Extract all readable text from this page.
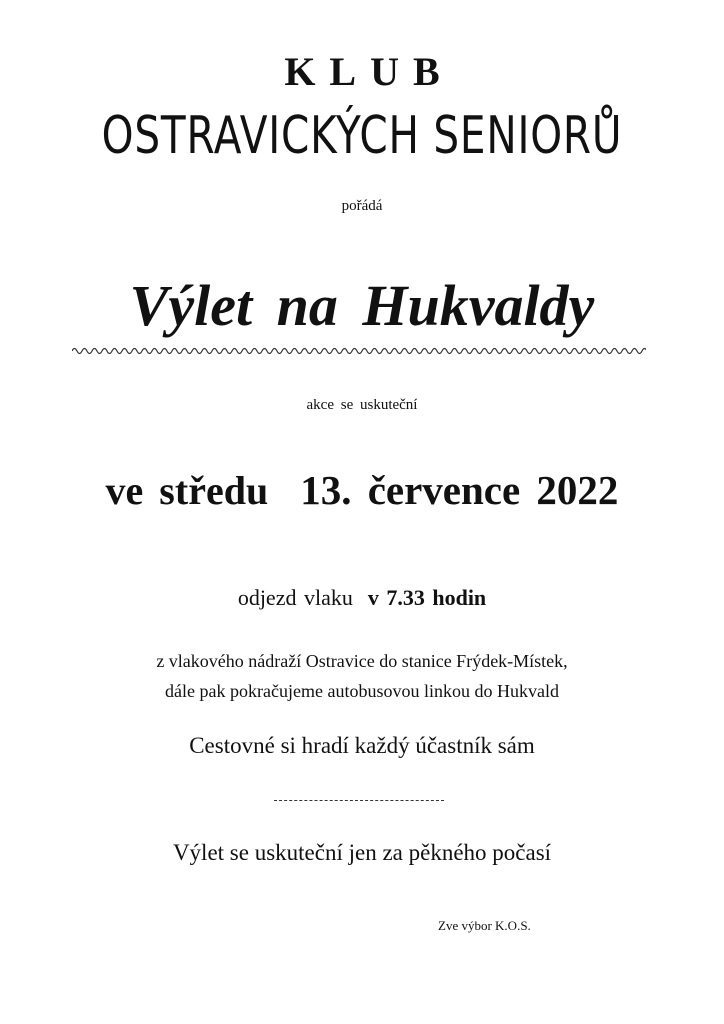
KLUB
OSTRAVICKÝCH SENIORŮ
pořádá
Výlet na Hukvaldy
akce se uskuteční
ve středu 13. července 2022
odjezd vlaku v 7.33 hodin
z vlakového nádraží Ostravice do stanice Frýdek-Místek,
dále pak pokračujeme autobusovou linkou do Hukvald
Cestovné si hradí každý účastník sám
Výlet se uskuteční jen za pěkného počasí
Zve výbor K.O.S.
